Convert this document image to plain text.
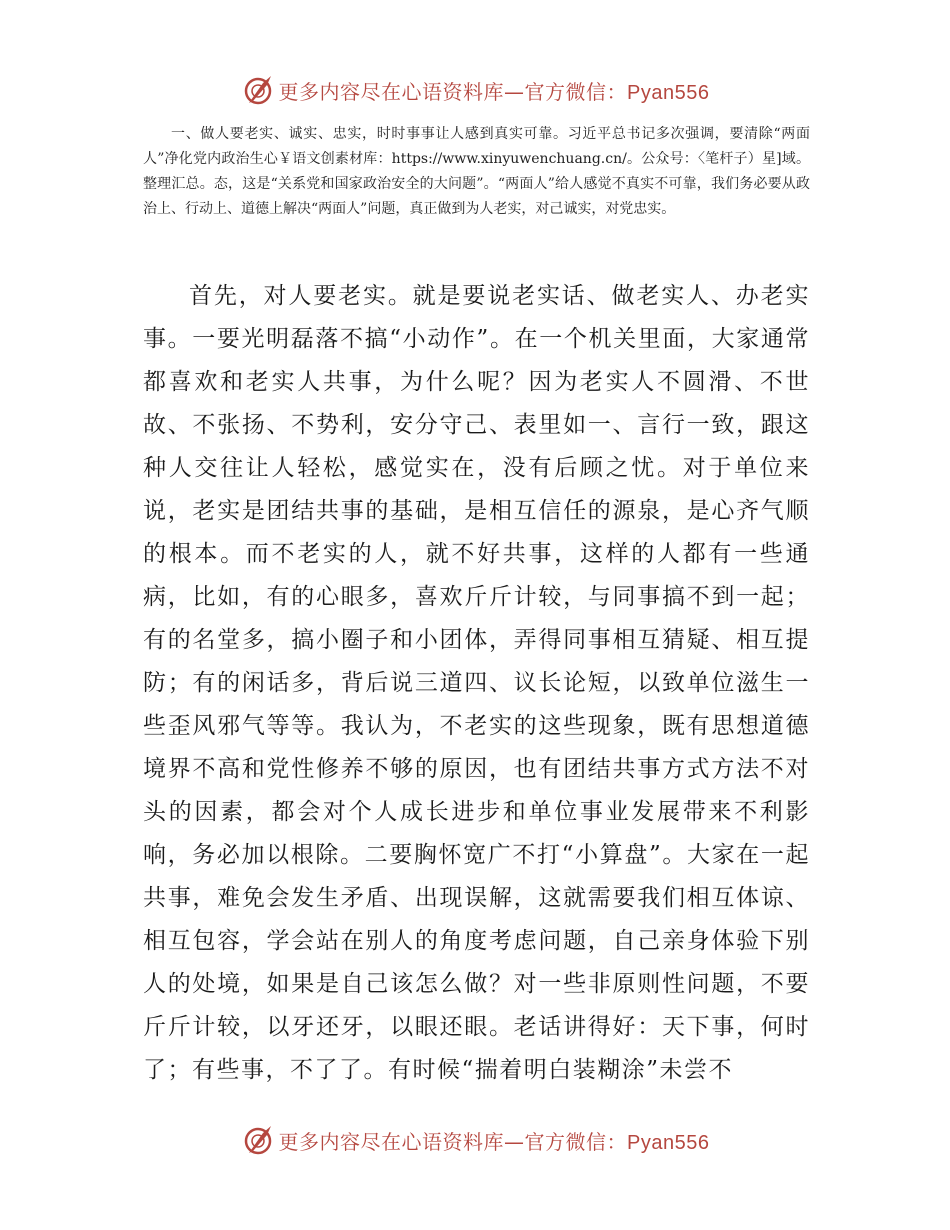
更多内容尽在心语资料库—官方微信：Pyan556

一、做人要老实、诚实、忠实，时时事事让人感到真实可靠。习近平总书记多次强调，要清除“两面人”净化党内政治生心￥语文创素材库：https://www.xinyuwenchuang.cn/。公众号：〈笔杆子）星]域。整理汇总。态，这是“关系党和国家政治安全的大问题”。“两面人”给人感觉不真实不可靠，我们务必要从政治上、行动上、道德上解决“两面人”问题，真正做到为人老实，对己诚实，对党忠实。

首先，对人要老实。就是要说老实话、做老实人、办老实事。一要光明磊落不搞“小动作”。在一个机关里面，大家通常都喜欢和老实人共事，为什么呢？因为老实人不圆滑、不世故、不张扬、不势利，安分守己、表里如一、言行一致，跟这种人交往让人轻松，感觉实在，没有后顾之忧。对于单位来说，老实是团结共事的基础，是相互信任的源泉，是心齐气顺的根本。而不老实的人，就不好共事，这样的人都有一些通病，比如，有的心眼多，喜欢斤斤计较，与同事搞不到一起；有的名堂多，搞小圈子和小团体，弄得同事相互猜疑、相互提防；有的闲话多，背后说三道四、议长论短，以致单位滋生一些歪风邪气等等。我认为，不老实的这些现象，既有思想道德境界不高和党性修养不够的原因，也有团结共事方式方法不对头的因素，都会对个人成长进步和单位事业发展带来不利影响，务必加以根除。二要胸怀宽广不打“小算盘”。大家在一起共事，难免会发生矛盾、出现误解，这就需要我们相互体谅、相互包容，学会站在别人的角度考虑问题，自己亲身体验下别人的处境，如果是自己该怎么做？对一些非原则性问题，不要斤斤计较，以牙还牙，以眼还眼。老话讲得好：天下事，何时了；有些事，不了了。有时候“揣着明白装糊涂”未尝不

更多内容尽在心语资料库—官方微信：Pyan556
